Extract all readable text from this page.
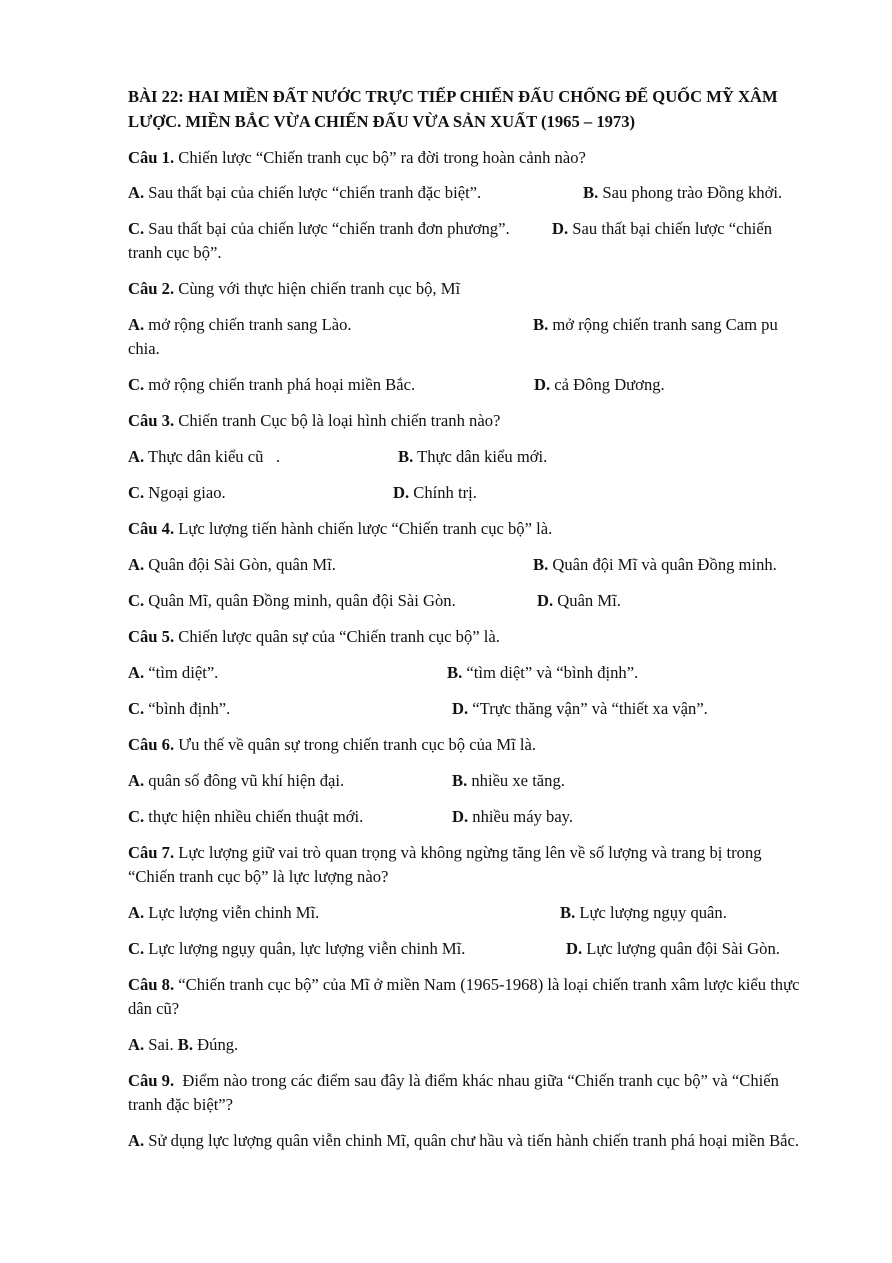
BÀI 22: HAI MIỀN ĐẤT NƯỚC TRỰC TIẾP CHIẾN ĐẤU CHỐNG ĐẾ QUỐC MỸ XÂM LƯỢC. MIỀN BẮC VỪA CHIẾN ĐẤU VỪA SẢN XUẤT (1965 – 1973)
Câu 1. Chiến lược “Chiến tranh cục bộ” ra đời trong hoàn cảnh nào?
A. Sau thất bại của chiến lược “chiến tranh đặc biệt”.	B. Sau phong trào Đồng khởi.
C. Sau thất bại của chiến lược “chiến tranh đơn phương”.	D. Sau thất bại chiến lược “chiến tranh cục bộ”.
Câu 2. Cùng với thực hiện chiến tranh cục bộ, Mĩ
A. mở rộng chiến tranh sang Lào.	B. mở rộng chiến tranh sang Cam pu chia.
C. mở rộng chiến tranh phá hoại miền Bắc.	D. cả Đông Dương.
Câu 3. Chiến tranh Cục bộ là loại hình chiến tranh nào?
A. Thực dân kiểu cũ   .	B. Thực dân kiểu mới.
C. Ngoại giao.	D. Chính trị.
Câu 4. Lực lượng tiến hành chiến lược “Chiến tranh cục bộ” là.
A. Quân đội Sài Gòn, quân Mĩ.	B. Quân đội Mĩ và quân Đồng minh.
C. Quân Mĩ, quân Đồng minh, quân đội Sài Gòn.	D. Quân Mĩ.
Câu 5. Chiến lược quân sự của “Chiến tranh cục bộ” là.
A. “tìm diệt”.	B. “tìm diệt” và “bình định”.
C. “bình định”.	D. “Trực thăng vận” và “thiết xa vận”.
Câu 6. Ưu thế về quân sự trong chiến tranh cục bộ của Mĩ là.
A. quân số đông vũ khí hiện đại.	B. nhiều xe tăng.
C. thực hiện nhiều chiến thuật mới.	D. nhiều máy bay.
Câu 7. Lực lượng giữ vai trò quan trọng và không ngừng tăng lên về số lượng và trang bị trong “Chiến tranh cục bộ” là lực lượng nào?
A. Lực lượng viễn chinh Mĩ.	B. Lực lượng ngụy quân.
C. Lực lượng ngụy quân, lực lượng viễn chinh Mĩ.	D. Lực lượng quân đội Sài Gòn.
Câu 8. “Chiến tranh cục bộ” của Mĩ ở miền Nam (1965-1968) là loại chiến tranh xâm lược kiểu thực dân cũ?
A. Sai. B. Đúng.
Câu 9.  Điểm nào trong các điểm sau đây là điểm khác nhau giữa “Chiến tranh cục bộ” và “Chiến tranh đặc biệt”?
A. Sử dụng lực lượng quân viễn chinh Mĩ, quân chư hầu và tiến hành chiến tranh phá hoại miền Bắc.
